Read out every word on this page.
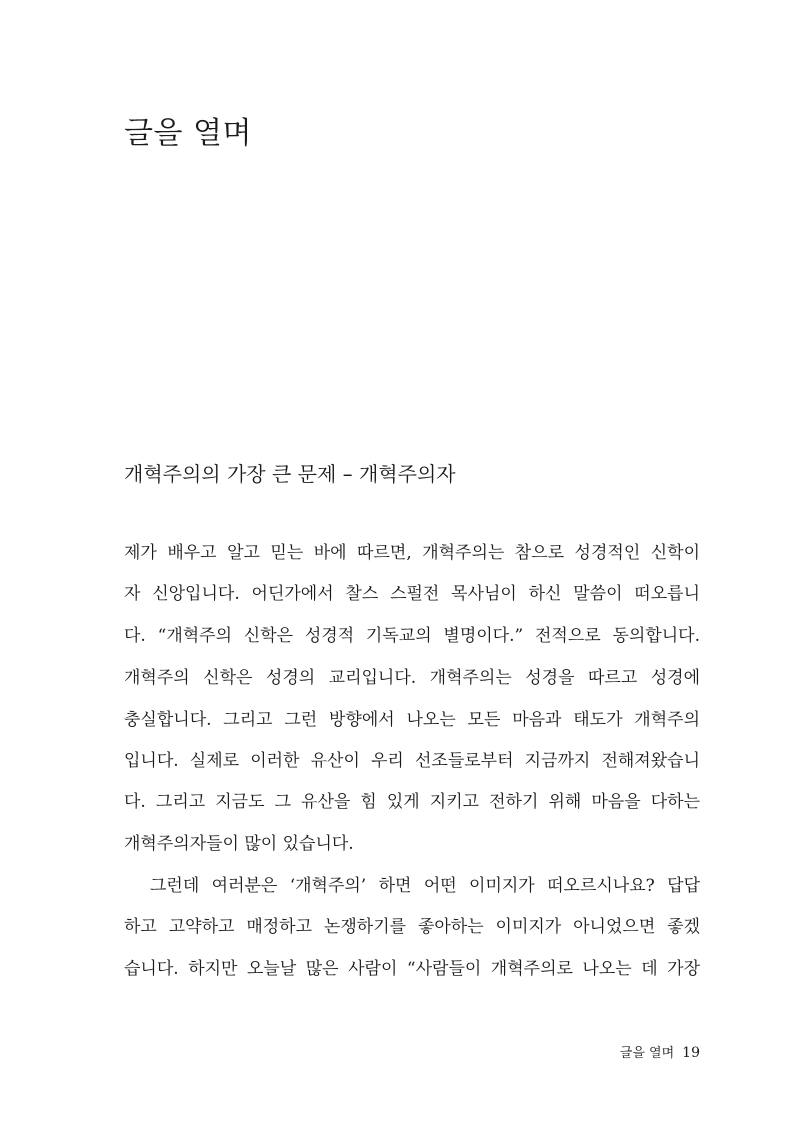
글을 열며
개혁주의의 가장 큰 문제 – 개혁주의자
제가 배우고 알고 믿는 바에 따르면, 개혁주의는 참으로 성경적인 신학이
자 신앙입니다. 어딘가에서 찰스 스펄전 목사님이 하신 말씀이 떠오릅니
다. “개혁주의 신학은 성경적 기독교의 별명이다.” 전적으로 동의합니다.
개혁주의 신학은 성경의 교리입니다. 개혁주의는 성경을 따르고 성경에
충실합니다. 그리고 그런 방향에서 나오는 모든 마음과 태도가 개혁주의
입니다. 실제로 이러한 유산이 우리 선조들로부터 지금까지 전해져왔습니
다. 그리고 지금도 그 유산을 힘 있게 지키고 전하기 위해 마음을 다하는
개혁주의자들이 많이 있습니다.
그런데 여러분은 ‘개혁주의’ 하면 어떤 이미지가 떠오르시나요? 답답
하고 고약하고 매정하고 논쟁하기를 좋아하는 이미지가 아니었으면 좋겠
습니다. 하지만 오늘날 많은 사람이 “사람들이 개혁주의로 나오는 데 가장
글을 열며 19
